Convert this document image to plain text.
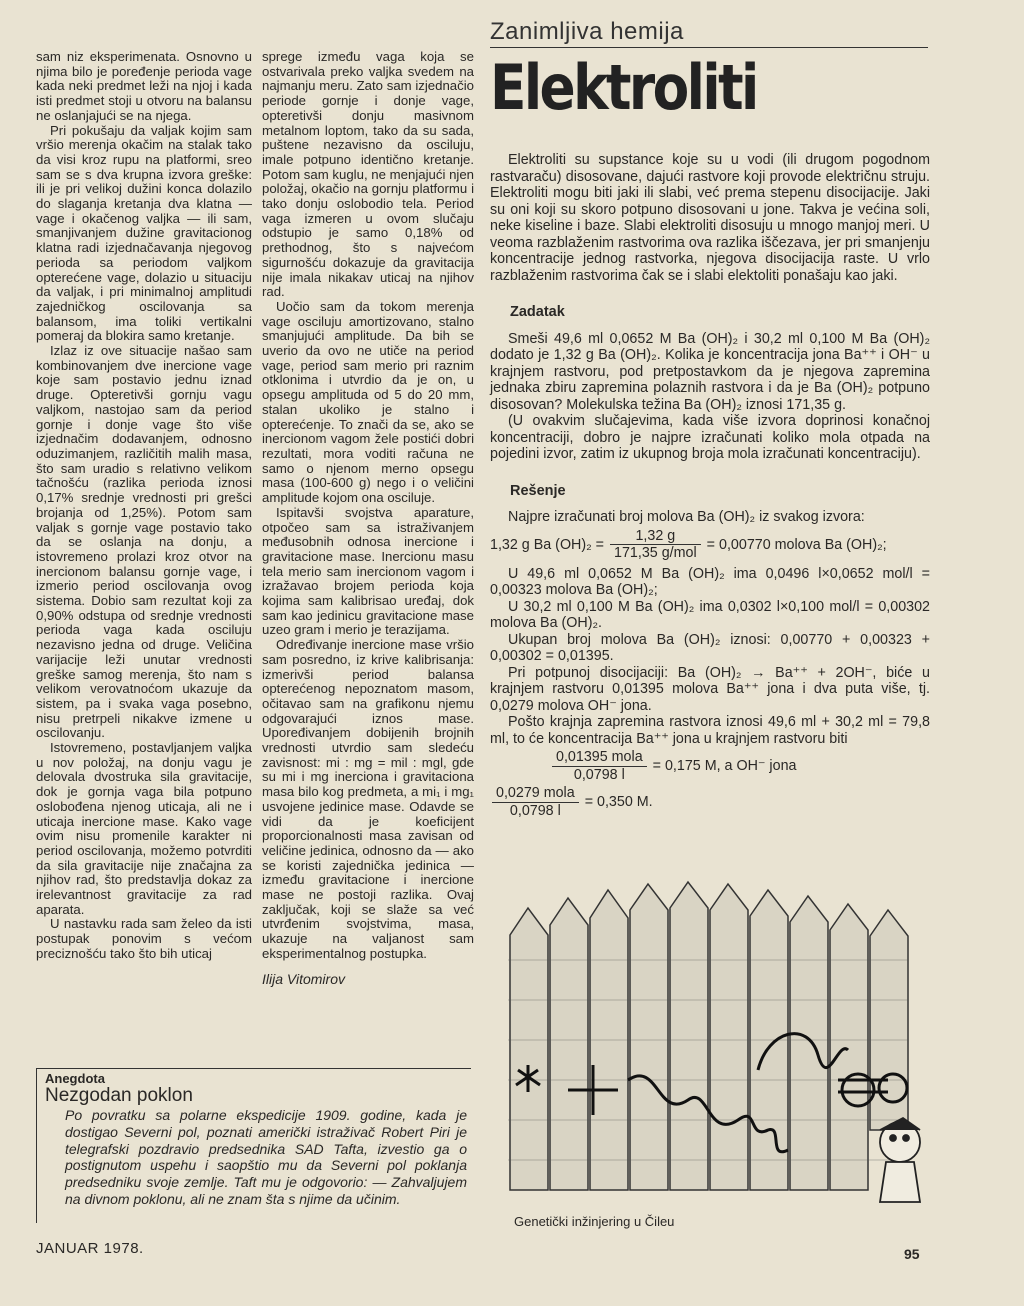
Zanimljiva hemija
Elektroliti

sam niz eksperimenata. Osnovno u njima bilo je poređenje perioda vage kada neki predmet leži na njoj i kada isti predmet stoji u otvoru na balansu ne oslanjajući se na njega.

Pri pokušaju da valjak kojim sam vršio merenja okačim na stalak tako da visi kroz rupu na platformi, sreo sam se s dva krupna izvora greške: ili je pri velikoj dužini konca dolazilo do slaganja kretanja dva klatna — vage i okačenog valjka — ili sam, smanjivanjem dužine gravitacionog klatna radi izjednačavanja njegovog perioda sa periodom valjkom opterećene vage, dolazio u situaciju da valjak, i pri minimalnoj amplitudi zajedničkog oscilovanja sa balansom, ima toliki vertikalni pomeraj da blokira samo kretanje.

Izlaz iz ove situacije našao sam kombinovanjem dve inercione vage koje sam postavio jednu iznad druge. Opteretivši gornju vagu valjkom, nastojao sam da period gornje i donje vage što više izjednačim dodavanjem, odnosno oduzimanjem, različitih malih masa, što sam uradio s relativno velikom tačnošću (razlika perioda iznosi 0,17% srednje vrednosti pri grešci brojanja od 1,25%). Potom sam valjak s gornje vage postavio tako da se oslanja na donju, a istovremeno prolazi kroz otvor na inercionom balansu gornje vage, i izmerio period oscilovanja ovog sistema. Dobio sam rezultat koji za 0,90% odstupa od srednje vrednosti perioda vaga kada osciluju nezavisno jedna od druge. Veličina varijacije leži unutar vrednosti greške samog merenja, što nam s velikom verovatnoćom ukazuje da sistem, pa i svaka vaga posebno, nisu pretrpeli nikakve izmene u oscilovanju.

Istovremeno, postavljanjem valjka u nov položaj, na donju vagu je delovala dvostruka sila gravitacije, dok je gornja vaga bila potpuno oslobođena njenog uticaja, ali ne i uticaja inercione mase. Kako vage ovim nisu promenile karakter ni period oscilovanja, možemo potvrditi da sila gravitacije nije značajna za njihov rad, što predstavlja dokaz za irelevantnost gravitacije za rad aparata.

U nastavku rada sam želeo da isti postupak ponovim s većom preciznošću tako što bih uticaj

sprege između vaga koja se ostvarivala preko valjka svedem na najmanju meru. Zato sam izjednačio periode gornje i donje vage, opteretivši donju masivnom metalnom loptom, tako da su sada, puštene nezavisno da osciluju, imale potpuno identično kretanje. Potom sam kuglu, ne menjajući njen položaj, okačio na gornju platformu i tako donju oslobodio tela. Period vaga izmeren u ovom slučaju odstupio je samo 0,18% od prethodnog, što s najvećom sigurnošću dokazuje da gravitacija nije imala nikakav uticaj na njihov rad.

Uočio sam da tokom merenja vage osciluju amortizovano, stalno smanjujući amplitude. Da bih se uverio da ovo ne utiče na period vage, period sam merio pri raznim otklonima i utvrdio da je on, u opsegu amplituda od 5 do 20 mm, stalan ukoliko je stalno i opterećenje. To znači da se, ako se inercionom vagom žele postići dobri rezultati, mora voditi računa ne samo o njenom merno opsegu masa (100-600 g) nego i o veličini amplitude kojom ona osciluje.

Ispitavši svojstva aparature, otpočeo sam sa istraživanjem međusobnih odnosa inercione i gravitacione mase. Inercionu masu tela merio sam inercionom vagom i izražavao brojem perioda koja kojima sam kalibrisao uređaj, dok sam kao jedinicu gravitacione mase uzeo gram i merio je terazijama.

Određivanje inercione mase vršio sam posredno, iz krive kalibrisanja: izmerivši period balansa opterećenog nepoznatom masom, očitavao sam na grafikonu njemu odgovarajući iznos mase. Upoređivanjem dobijenih brojnih vrednosti utvrdio sam sledeću zavisnost: mi : mg = mil : mgl, gde su mi i mg inerciona i gravitaciona masa bilo kog predmeta, a mi₁ i mg₁ usvojene jedinice mase. Odavde se vidi da je koeficijent proporcionalnosti masa zavisan od veličine jedinica, odnosno da — ako se koristi zajednička jedinica — između gravitacione i inercione mase ne postoji razlika. Ovaj zaključak, koji se slaže sa već utvrđenim svojstvima, masa, ukazuje na valjanost sam eksperimentalnog postupka.

Ilija Vitomirov

Elektroliti su supstance koje su u vodi (ili drugom pogodnom rastvaraču) disosovane, dajući rastvore koji provode električnu struju. Elektroliti mogu biti jaki ili slabi, već prema stepenu disocijacije. Jaki su oni koji su skoro potpuno disosovani u jone. Takva je većina soli, neke kiseline i baze. Slabi elektroliti disosuju u mnogo manjoj meri. U veoma razblaženim rastvorima ova razlika iščezava, jer pri smanjenju koncentracije jednog rastvorka, njegova disocijacija raste. U vrlo razblaženim rastvorima čak se i slabi elektoliti ponašaju kao jaki.

Zadatak

Smeši 49,6 ml 0,0652 M Ba (OH)₂ i 30,2 ml 0,100 M Ba (OH)₂ dodato je 1,32 g Ba (OH)₂. Kolika je koncentracija jona Ba⁺⁺ i OH⁻ u krajnjem rastvoru, pod pretpostavkom da je njegova zapremina jednaka zbiru zapremina polaznih rastvora i da je Ba (OH)₂ potpuno disosovan? Molekulska težina Ba (OH)₂ iznosi 171,35 g.

(U ovakvim slučajevima, kada više izvora doprinosi konačnoj koncentraciji, dobro je najpre izračunati koliko mola otpada na pojedini izvor, zatim iz ukupnog broja mola izračunati koncentraciju).

Rešenje

Najpre izračunati broj molova Ba (OH)₂ iz svakog izvora:

1,32 g Ba $(OH)_2 = \frac{1,32 g}{\text{171,35 g/mol}} = 0,00770$ molova Ba (OH)₂;

U 49,6 ml 0,0652 M Ba (OH)₂ ima 0,0496 l×0,0652 mol/l = 0,00323 molova Ba (OH)₂;

U 30,2 ml 0,100 M Ba (OH)₂ ima 0,0302 l×0,100 mol/l = 0,00302 molova Ba (OH)₂.

Ukupan broj molova Ba (OH)₂ iznosi: 0,00770 + 0,00323 + 0,00302 = 0,01395.

Pri potpunoj disocijaciji: Ba (OH)₂ → Ba⁺⁺ + 2OH⁻, biće u krajnjem rastvoru 0,01395 molova Ba⁺⁺ jona i dva puta više, tj. 0,0279 molova OH⁻ jona.

Pošto krajnja zapremina rastvora iznosi 49,6 ml + 30,2 ml = 79,8 ml, to će koncentracija Ba⁺⁺ jona u krajnjem rastvoru biti

$\frac{\text{0,01395 mola}}{0,0798 l} = 0,175$ M, a OH⁻ jona
$\frac{\text{0,0279 mola}}{0,0798 l} = 0,350$ M.
Genetički inžinjering u Čileu
Anegdota
Nezgodan poklon
Po povratku sa polarne ekspedicije 1909. godine, kada je dostigao Severni pol, poznati američki istraživač Robert Piri je telegrafski pozdravio predsednika SAD Tafta, izvestio ga o postignutom uspehu i saopštio mu da Severni pol poklanja predsedniku svoje zemlje. Taft mu je odgovorio: — Zahvaljujem na divnom poklonu, ali ne znam šta s njime da učinim.
JANUAR 1978.	95
